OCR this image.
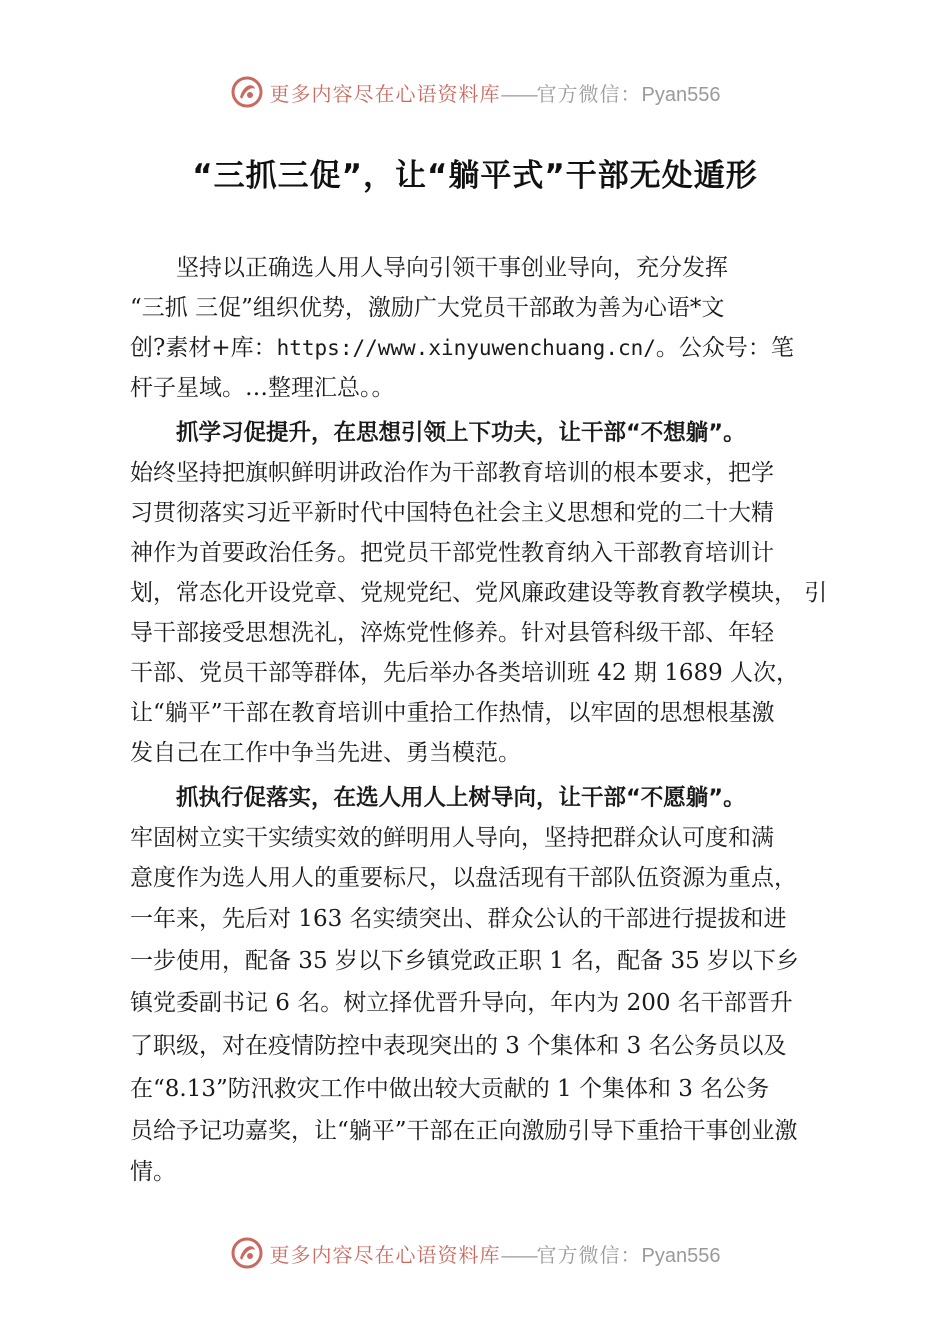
更多内容尽在心语资料库——官方微信：Pyan556
“三抓三促”，让“躺平式”干部无处遁形
坚持以正确选人用人导向引领干事创业导向，充分发挥
“三抓 三促”组织优势，激励广大党员干部敢为善为心语*文
创?素材+库：https://www.xinyuwenchuang.cn/。公众号：笔
杆子星域。…整理汇总。。
抓学习促提升，在思想引领上下功夫，让干部“不想躺”。
始终坚持把旗帜鲜明讲政治作为干部教育培训的根本要求，把学
习贯彻落实习近平新时代中国特色社会主义思想和党的二十大精
神作为首要政治任务。把党员干部党性教育纳入干部教育培训计
划，常态化开设党章、党规党纪、党风廉政建设等教育教学模块， 引
导干部接受思想洗礼，淬炼党性修养。针对县管科级干部、年轻
干部、党员干部等群体，先后举办各类培训班 42 期 1689 人次，
让“躺平”干部在教育培训中重拾工作热情，以牢固的思想根基激
发自己在工作中争当先进、勇当模范。
抓执行促落实，在选人用人上树导向，让干部“不愿躺”。
牢固树立实干实绩实效的鲜明用人导向，坚持把群众认可度和满
意度作为选人用人的重要标尺，以盘活现有干部队伍资源为重点，
一年来，先后对 163 名实绩突出、群众公认的干部进行提拔和进
一步使用，配备 35 岁以下乡镇党政正职 1 名，配备 35 岁以下乡
镇党委副书记 6 名。树立择优晋升导向，年内为 200 名干部晋升
了职级，对在疫情防控中表现突出的 3 个集体和 3 名公务员以及
在“8.13”防汛救灾工作中做出较大贡献的 1 个集体和 3 名公务
员给予记功嘉奖，让“躺平”干部在正向激励引导下重拾干事创业激
情。
更多内容尽在心语资料库——官方微信：Pyan556
